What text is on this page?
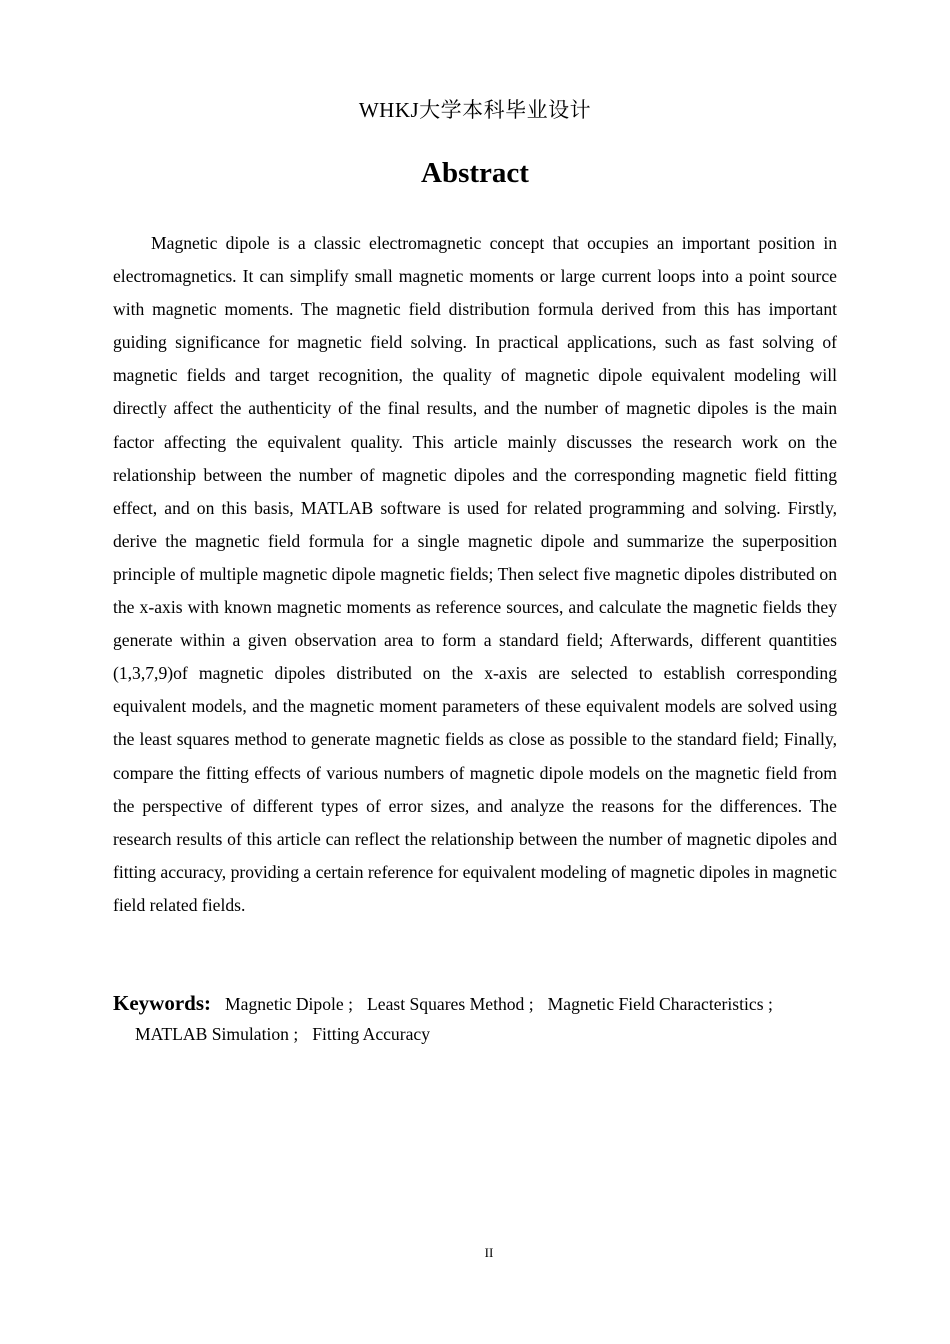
WHKJ大学本科毕业设计
Abstract

Magnetic dipole is a classic electromagnetic concept that occupies an important position in electromagnetics. It can simplify small magnetic moments or large current loops into a point source with magnetic moments. The magnetic field distribution formula derived from this has important guiding significance for magnetic field solving. In practical applications, such as fast solving of magnetic fields and target recognition, the quality of magnetic dipole equivalent modeling will directly affect the authenticity of the final results, and the number of magnetic dipoles is the main factor affecting the equivalent quality. This article mainly discusses the research work on the relationship between the number of magnetic dipoles and the corresponding magnetic field fitting effect, and on this basis, MATLAB software is used for related programming and solving. Firstly, derive the magnetic field formula for a single magnetic dipole and summarize the superposition principle of multiple magnetic dipole magnetic fields; Then select five magnetic dipoles distributed on the x-axis with known magnetic moments as reference sources, and calculate the magnetic fields they generate within a given observation area to form a standard field; Afterwards, different quantities (1,3,7,9)of magnetic dipoles distributed on the x-axis are selected to establish corresponding equivalent models, and the magnetic moment parameters of these equivalent models are solved using the least squares method to generate magnetic fields as close as possible to the standard field; Finally, compare the fitting effects of various numbers of magnetic dipole models on the magnetic field from the perspective of different types of error sizes, and analyze the reasons for the differences. The research results of this article can reflect the relationship between the number of magnetic dipoles and fitting accuracy, providing a certain reference for equivalent modeling of magnetic dipoles in magnetic field related fields.

Keywords: Magnetic Dipole ; Least Squares Method ; Magnetic Field Characteristics ;
MATLAB Simulation ; Fitting Accuracy
II
